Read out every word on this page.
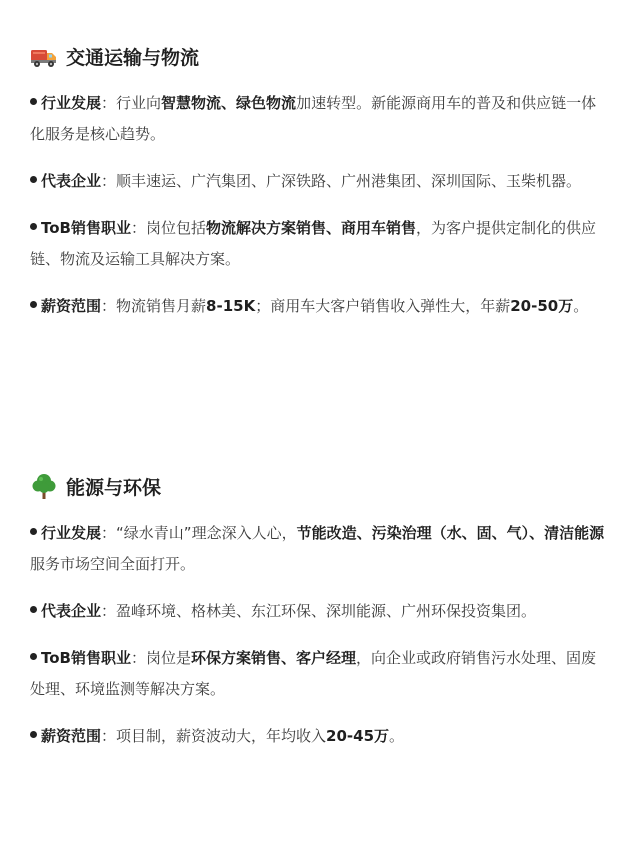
交通运输与物流
行业发展：行业向智慧物流、绿色物流加速转型。新能源商用车的普及和供应链一体化服务是核心趋势。
代表企业：顺丰速运、广汽集团、广深铁路、广州港集团、深圳国际、玉柴机器。
ToB销售职业：岗位包括物流解决方案销售、商用车销售，为客户提供定制化的供应链、物流及运输工具解决方案。
薪资范围：物流销售月薪8-15K；商用车大客户销售收入弹性大，年薪20-50万。
能源与环保
行业发展：“绿水青山”理念深入人心，节能改造、污染治理（水、固、气）、清洁能源服务市场空间全面打开。
代表企业：盈峰环境、格林美、东江环保、深圳能源、广州环保投资集团。
ToB销售职业：岗位是环保方案销售、客户经理，向企业或政府销售污水处理、固废处理、环境监测等解决方案。
薪资范围：项目制，薪资波动大，年均收入20-45万。
